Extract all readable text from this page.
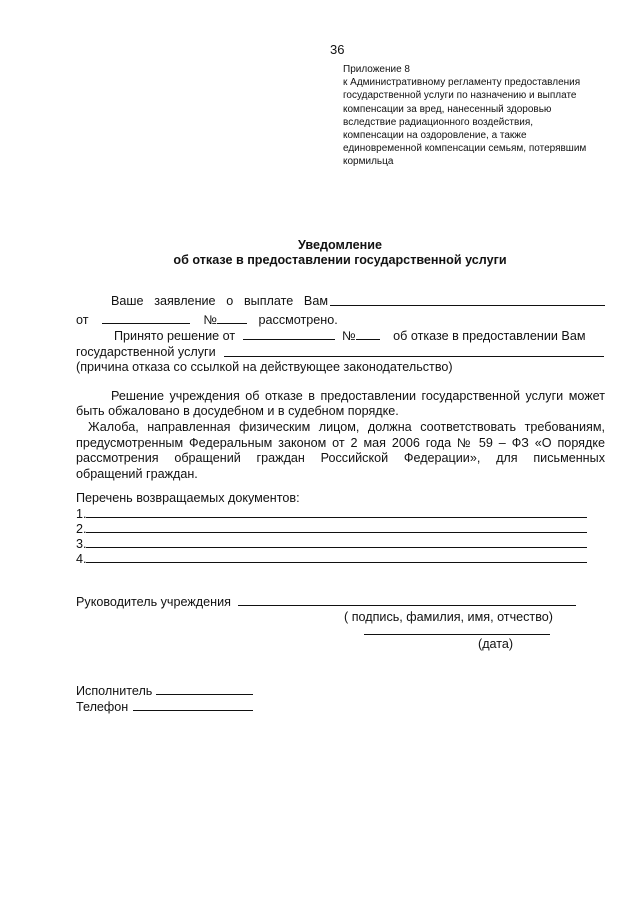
36
Приложение 8
к Административному регламенту предоставления
государственной услуги по назначению и выплате
компенсации за вред, нанесенный здоровью
вследствие радиационного воздействия,
компенсации на оздоровление, а также
единовременной компенсации семьям, потерявшим
кормильца
Уведомление
об отказе в предоставлении государственной услуги
Ваше заявление о выплате Вам
от	№	рассмотрено.
Принято решение от	№	об отказе в предоставлении Вам
государственной услуги
(причина отказа со ссылкой на действующее законодательство)
Решение учреждения об отказе в предоставлении государственной услуги может
быть обжаловано в досудебном и в судебном порядке.
Жалоба, направленная физическим лицом, должна соответствовать требованиям,
предусмотренным Федеральным законом от 2 мая 2006 года № 59 – ФЗ «О порядке
рассмотрения обращений граждан Российской Федерации», для письменных
обращений граждан.
Перечень возвращаемых документов:
1.
2.
3.
4.
Руководитель учреждения
( подпись, фамилия, имя, отчество)
(дата)
Исполнитель
Телефон
